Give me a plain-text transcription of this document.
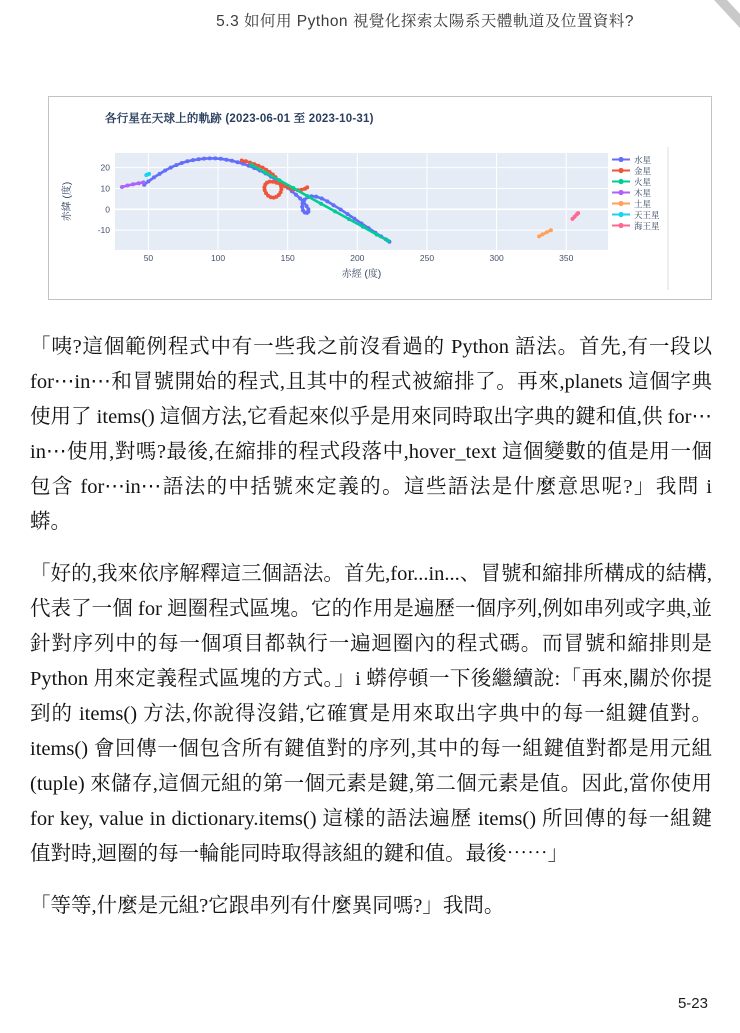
5.3 如何用 Python 視覺化探索太陽系天體軌道及位置資料?
50	100	150	200	250	300	350
-10
0
10
20
赤經 (度)
赤緯 (度)
各行星在天球上的軌跡 (2023-06-01 至 2023-10-31)
水星
金星
火星
木星
土星
天王星
海王星

「咦?這個範例程式中有一些我之前沒看過的 Python 語法。首先,有一段以 for⋯in⋯和冒號開始的程式,且其中的程式被縮排了。再來,planets 這個字典使用了 items() 這個方法,它看起來似乎是用來同時取出字典的鍵和值,供 for⋯in⋯使用,對嗎?最後,在縮排的程式段落中,hover_text 這個變數的值是用一個包含 for⋯in⋯語法的中括號來定義的。這些語法是什麼意思呢?」我問 i 蟒。

「好的,我來依序解釋這三個語法。首先,for...in...、冒號和縮排所構成的結構,代表了一個 for 迴圈程式區塊。它的作用是遍歷一個序列,例如串列或字典,並針對序列中的每一個項目都執行一遍迴圈內的程式碼。而冒號和縮排則是 Python 用來定義程式區塊的方式。」i 蟒停頓一下後繼續說:「再來,關於你提到的 items() 方法,你說得沒錯,它確實是用來取出字典中的每一組鍵值對。items() 會回傳一個包含所有鍵值對的序列,其中的每一組鍵值對都是用元組 (tuple) 來儲存,這個元組的第一個元素是鍵,第二個元素是值。因此,當你使用 for key, value in dictionary.items() 這樣的語法遍歷 items() 所回傳的每一組鍵值對時,迴圈的每一輪能同時取得該組的鍵和值。最後⋯⋯」

「等等,什麼是元組?它跟串列有什麼異同嗎?」我問。

5-23
